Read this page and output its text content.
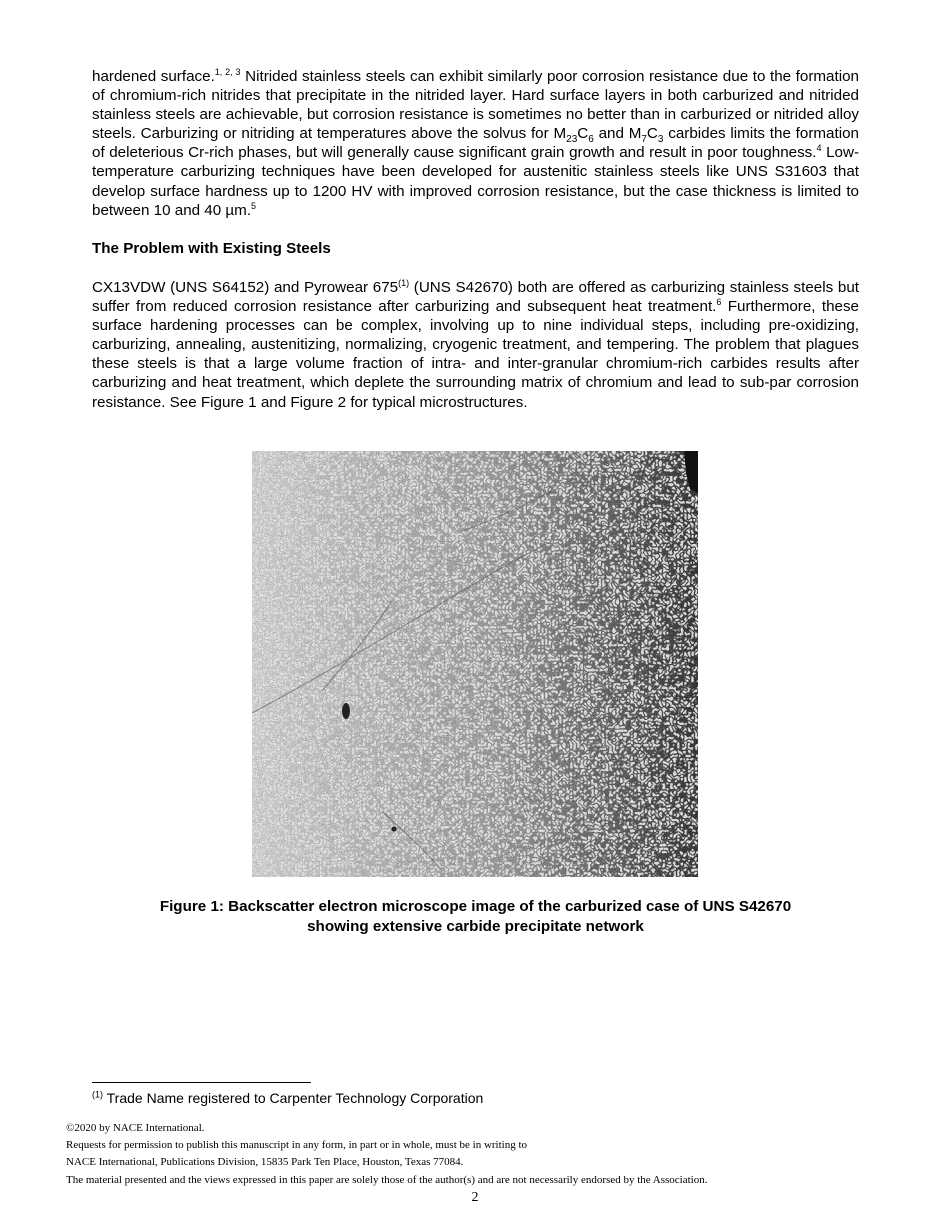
hardened surface.$^{1, 2, 3}$ Nitrided stainless steels can exhibit similarly poor corrosion resistance due to the formation of chromium-rich nitrides that precipitate in the nitrided layer. Hard surface layers in both carburized and nitrided stainless steels are achievable, but corrosion resistance is sometimes no better than in carburized or nitrided alloy steels. Carburizing or nitriding at temperatures above the solvus for $M_{23}C_6$ and $M_7C_3$ carbides limits the formation of deleterious Cr-rich phases, but will generally cause significant grain growth and result in poor toughness.$^4$ Low-temperature carburizing techniques have been developed for austenitic stainless steels like UNS S31603 that develop surface hardness up to 1200 HV with improved corrosion resistance, but the case thickness is limited to between 10 and 40 µm.$^5$

The Problem with Existing Steels

CX13VDW (UNS S64152) and Pyrowear 675$^{(1)}$ (UNS S42670) both are offered as carburizing stainless steels but suffer from reduced corrosion resistance after carburizing and subsequent heat treatment.$^6$ Furthermore, these surface hardening processes can be complex, involving up to nine individual steps, including pre-oxidizing, carburizing, annealing, austenitizing, normalizing, cryogenic treatment, and tempering. The problem that plagues these steels is that a large volume fraction of intra- and inter-granular chromium-rich carbides results after carburizing and heat treatment, which deplete the surrounding matrix of chromium and lead to sub-par corrosion resistance. See Figure 1 and Figure 2 for typical microstructures.

Figure 1: Backscatter electron microscope image of the carburized case of UNS S42670
showing extensive carbide precipitate network

$^{(1)}$ Trade Name registered to Carpenter Technology Corporation

©2020 by NACE International.
Requests for permission to publish this manuscript in any form, in part or in whole, must be in writing to
NACE International, Publications Division, 15835 Park Ten Place, Houston, Texas 77084.
The material presented and the views expressed in this paper are solely those of the author(s) and are not necessarily endorsed by the Association.

2
